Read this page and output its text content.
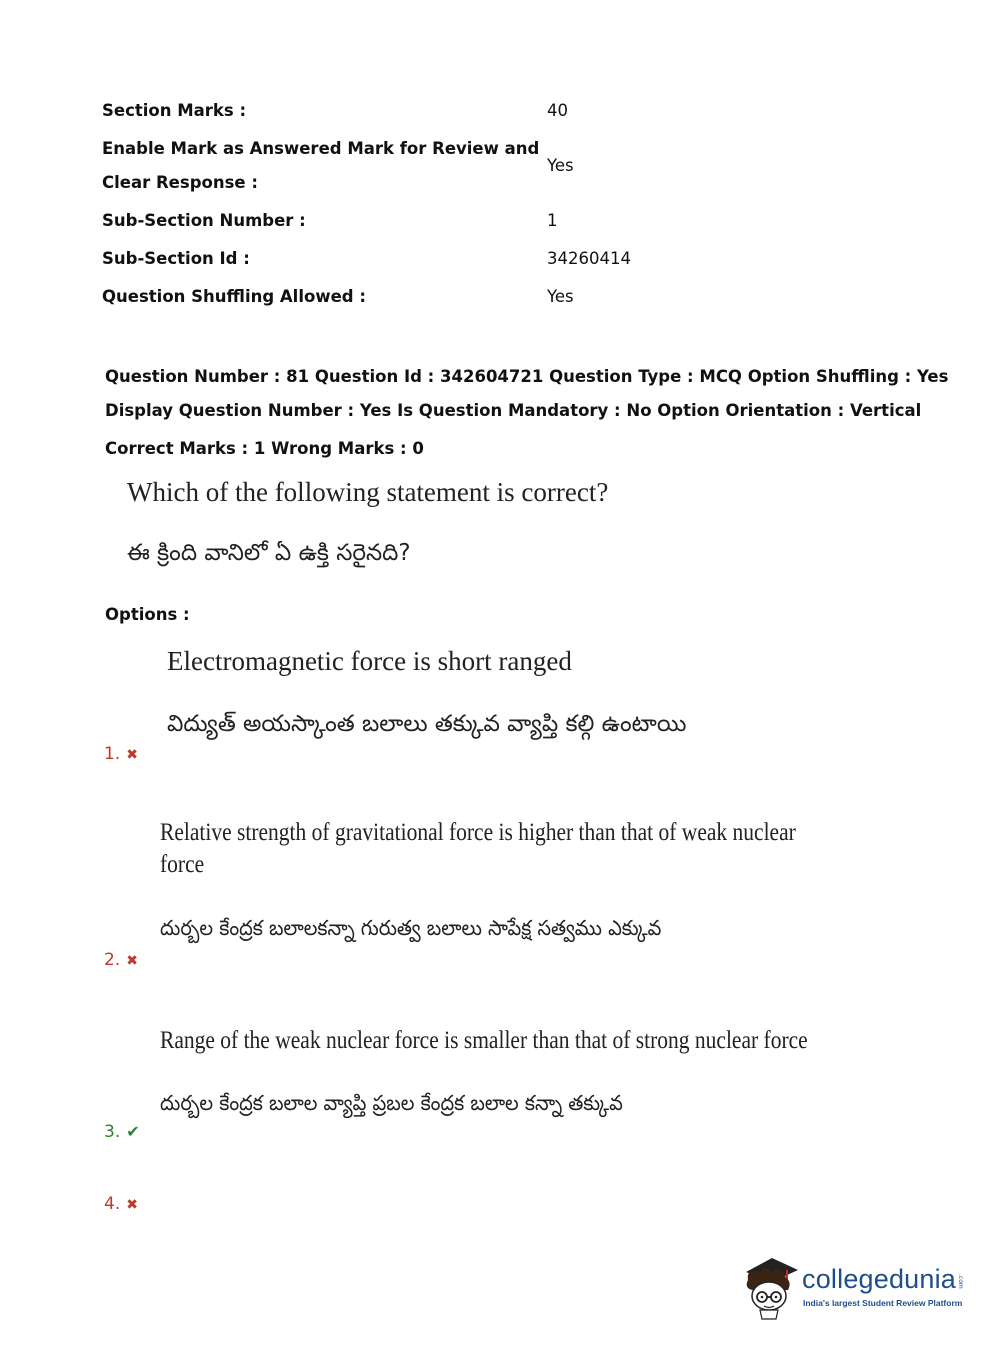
Section Marks :	40
Enable Mark as Answered Mark for Review and
Clear Response :
Yes
Sub-Section Number :	1
Sub-Section Id :	34260414
Question Shuffling Allowed :	Yes
Question Number : 81 Question Id : 342604721 Question Type : MCQ Option Shuffling : Yes
Display Question Number : Yes Is Question Mandatory : No Option Orientation : Vertical
Correct Marks : 1 Wrong Marks : 0
Which of the following statement is correct?
ఈ క్రింది వానిలో ఏ ఉక్తి సరైనది?
Options :
Electromagnetic force is short ranged
విద్యుత్ అయస్కాంత బలాలు తక్కువ వ్యాప్తి కల్గి ఉంటాయి
1. ✖
Relative strength of gravitational force is higher than that of weak nuclear
force
దుర్బల కేంద్రక బలాలకన్నా గురుత్వ బలాలు సాపేక్ష సత్వము ఎక్కువ
2. ✖
Range of the weak nuclear force is smaller than that of strong nuclear force
దుర్బల కేంద్రక బలాల వ్యాప్తి ప్రబల కేంద్రక బలాల కన్నా తక్కువ
3. ✔
4. ✖
collegedunia .com
India's largest Student Review Platform
